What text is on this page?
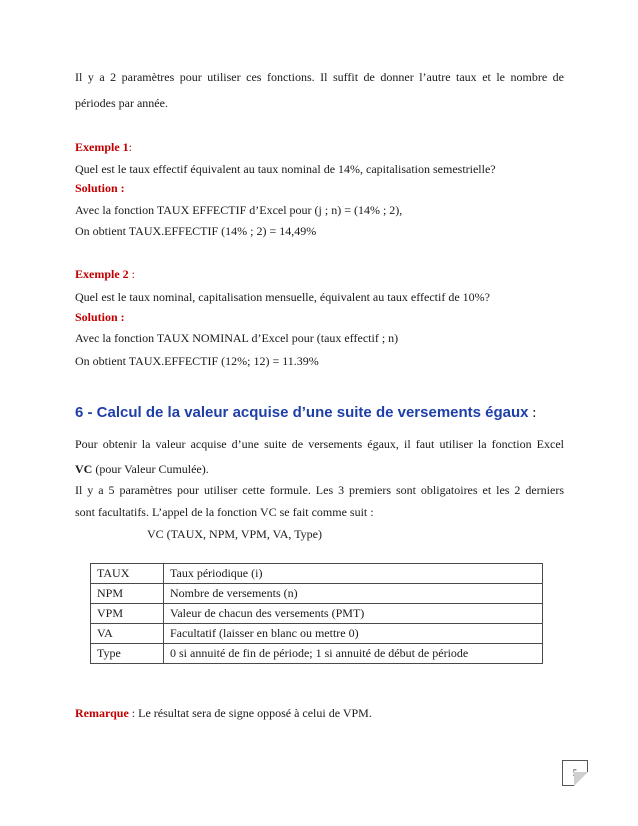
Il y a 2 paramètres pour utiliser ces fonctions. Il suffit de donner l’autre taux et le nombre de
périodes par année.
Exemple 1:
Quel est le taux effectif équivalent au taux nominal de 14%, capitalisation semestrielle?
Solution :
Avec la fonction TAUX EFFECTIF d’Excel pour (j ; n) = (14% ; 2),
On obtient TAUX.EFFECTIF (14% ; 2) = 14,49%
Exemple 2 :
Quel est le taux nominal, capitalisation mensuelle, équivalent au taux effectif de 10%?
Solution :
Avec la fonction TAUX NOMINAL d’Excel pour (taux effectif ; n)
On obtient TAUX.EFFECTIF (12%; 12) = 11.39%
6 - Calcul de la valeur acquise d’une suite de versements égaux :
Pour obtenir la valeur acquise d’une suite de versements égaux, il faut utiliser la fonction Excel
VC (pour Valeur Cumulée).
Il y a 5 paramètres pour utiliser cette formule. Les 3 premiers sont obligatoires et les 2 derniers
sont facultatifs. L’appel de la fonction VC se fait comme suit :
VC (TAUX, NPM, VPM, VA, Type)
TAUX	Taux périodique (i)
NPM	Nombre de versements (n)
VPM	Valeur de chacun des versements (PMT)
VA	Facultatif (laisser en blanc ou mettre 0)
Type	0 si annuité de fin de période; 1 si annuité de début de période
Remarque : Le résultat sera de signe opposé à celui de VPM.
5
